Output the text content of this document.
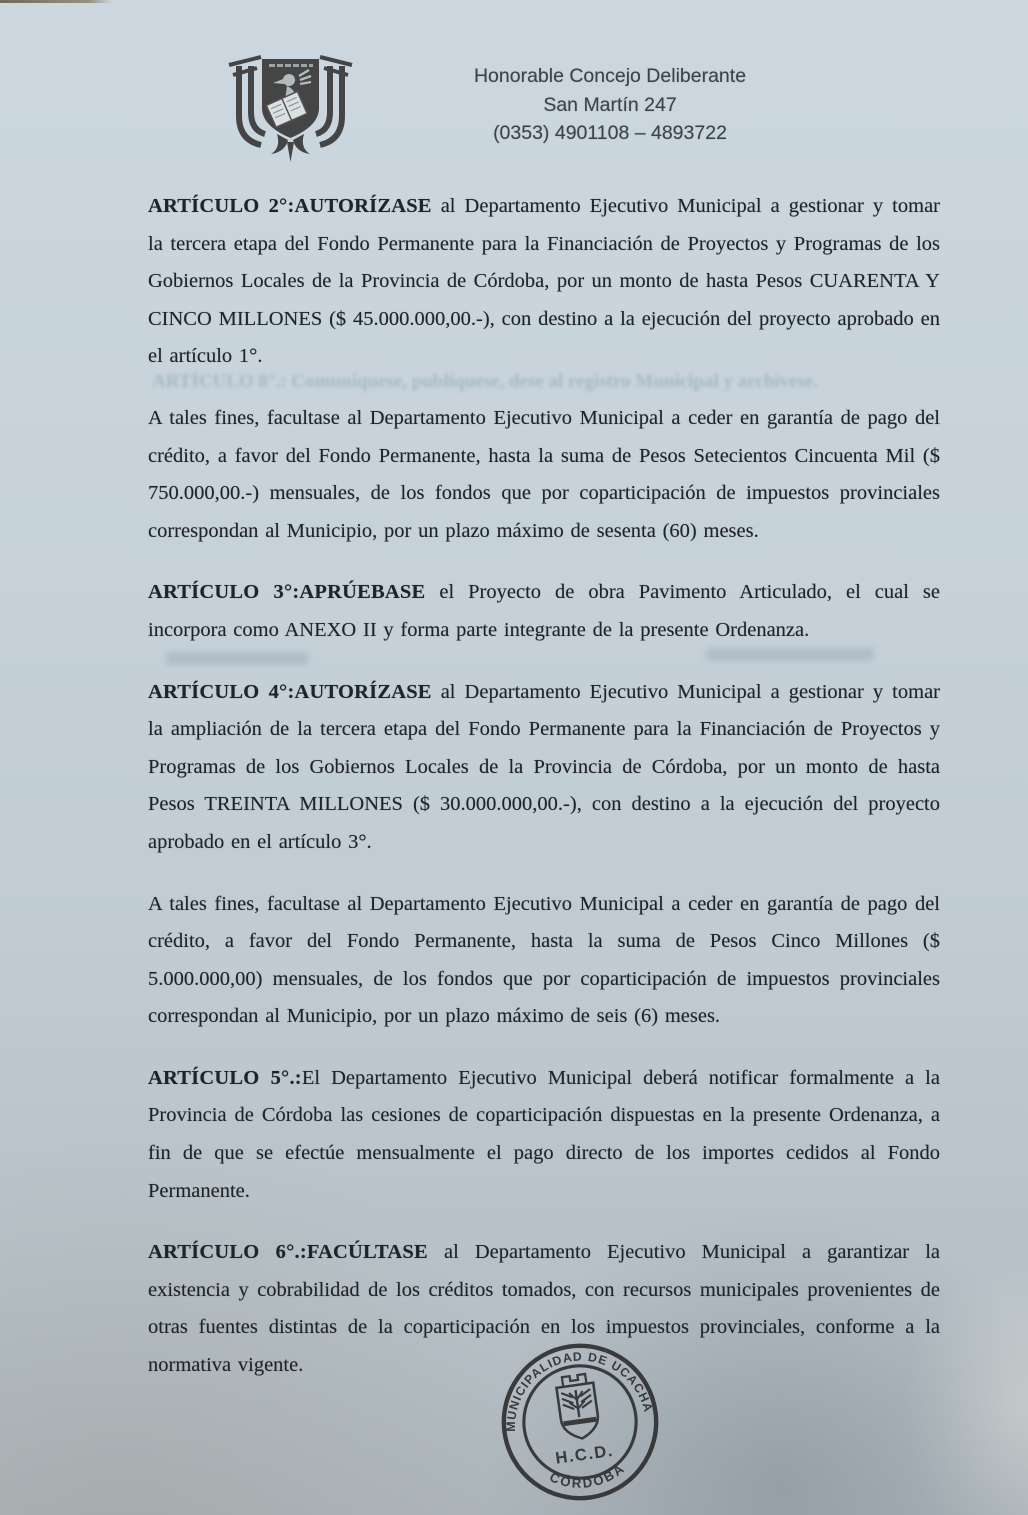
Honorable Concejo Deliberante
San Martín 247
(0353) 4901108 – 4893722
ARTÍCULO 8°.: Comuníquese, publíquese, dese al registro Municipal y archívese.

ARTÍCULO 2°:AUTORÍZASE al Departamento Ejecutivo Municipal a gestionar y tomar la tercera etapa del Fondo Permanente para la Financiación de Proyectos y Programas de los Gobiernos Locales de la Provincia de Córdoba, por un monto de hasta Pesos CUARENTA Y CINCO MILLONES ($ 45.000.000,00.-), con destino a la ejecución del proyecto aprobado en el artículo 1°.

A tales fines, facultase al Departamento Ejecutivo Municipal a ceder en garantía de pago del crédito, a favor del Fondo Permanente, hasta la suma de Pesos Setecientos Cincuenta Mil ($ 750.000,00.-) mensuales, de los fondos que por coparticipación de impuestos provinciales correspondan al Municipio, por un plazo máximo de sesenta (60) meses.

ARTÍCULO 3°:APRÚEBASE el Proyecto de obra Pavimento Articulado, el cual se incorpora como ANEXO II y forma parte integrante de la presente Ordenanza.

ARTÍCULO 4°:AUTORÍZASE al Departamento Ejecutivo Municipal a gestionar y tomar la ampliación de la tercera etapa del Fondo Permanente para la Financiación de Proyectos y Programas de los Gobiernos Locales de la Provincia de Córdoba, por un monto de hasta Pesos TREINTA MILLONES ($ 30.000.000,00.-), con destino a la ejecución del proyecto aprobado en el artículo 3°.

A tales fines, facultase al Departamento Ejecutivo Municipal a ceder en garantía de pago del crédito, a favor del Fondo Permanente, hasta la suma de Pesos Cinco Millones ($ 5.000.000,00) mensuales, de los fondos que por coparticipación de impuestos provinciales correspondan al Municipio, por un plazo máximo de seis (6) meses.

ARTÍCULO 5°.:El Departamento Ejecutivo Municipal deberá notificar formalmente a la Provincia de Córdoba las cesiones de coparticipación dispuestas en la presente Ordenanza, a fin de que se efectúe mensualmente el pago directo de los importes cedidos al Fondo Permanente.

ARTÍCULO 6°.:FACÚLTASE al Departamento Ejecutivo Municipal a garantizar la existencia y cobrabilidad de los créditos tomados, con recursos municipales provenientes de otras fuentes distintas de la coparticipación en los impuestos provinciales, conforme a la normativa vigente.

MUNICIPALIDAD DE UCACHA
CÓRDOBA
H.C.D.
